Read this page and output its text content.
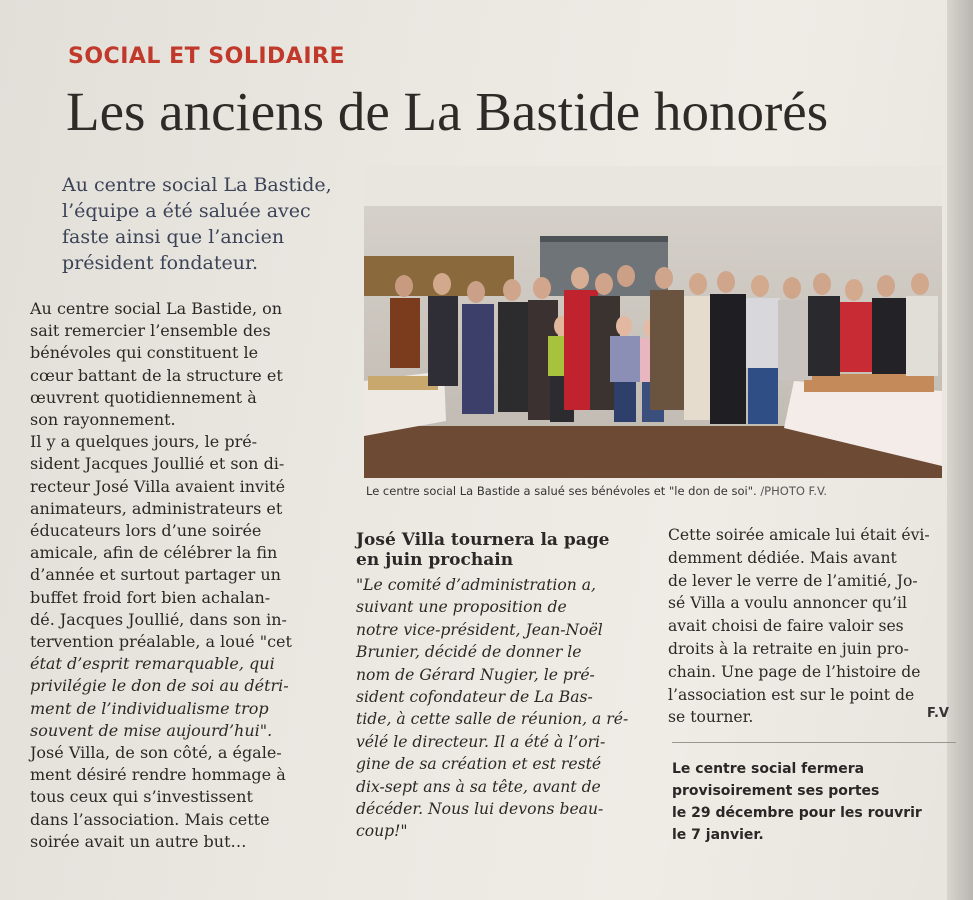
SOCIAL ET SOLIDAIRE
Les anciens de La Bastide honorés
Au centre social La Bastide,
l’équipe a été saluée avec
faste ainsi que l’ancien
président fondateur.
Le centre social La Bastide a salué ses bénévoles et "le don de soi". /PHOTO F.V.
Au centre social La Bastide, on
sait remercier l’ensemble des
bénévoles qui constituent le
cœur battant de la structure et
œuvrent quotidiennement à
son rayonnement.
Il y a quelques jours, le pré-
sident Jacques Joullié et son di-
recteur José Villa avaient invité
animateurs, administrateurs et
éducateurs lors d’une soirée
amicale, afin de célébrer la fin
d’année et surtout partager un
buffet froid fort bien achalan-
dé. Jacques Joullié, dans son in-
tervention préalable, a loué "cet
état d’esprit remarquable, qui
privilégie le don de soi au détri-
ment de l’individualisme trop
souvent de mise aujourd’hui".
José Villa, de son côté, a égale-
ment désiré rendre hommage à
tous ceux qui s’investissent
dans l’association. Mais cette
soirée avait un autre but…
José Villa tournera la page
en juin prochain
"Le comité d’administration a,
suivant une proposition de
notre vice-président, Jean-Noël
Brunier, décidé de donner le
nom de Gérard Nugier, le pré-
sident cofondateur de La Bas-
tide, à cette salle de réunion, a ré-
vélé le directeur. Il a été à l’ori-
gine de sa création et est resté
dix-sept ans à sa tête, avant de
décéder. Nous lui devons beau-
coup!"
Cette soirée amicale lui était évi-
demment dédiée. Mais avant
de lever le verre de l’amitié, Jo-
sé Villa a voulu annoncer qu’il
avait choisi de faire valoir ses
droits à la retraite en juin pro-
chain. Une page de l’histoire de
l’association est sur le point de
se tourner.	F.V
Le centre social fermera
provisoirement ses portes
le 29 décembre pour les rouvrir
le 7 janvier.
